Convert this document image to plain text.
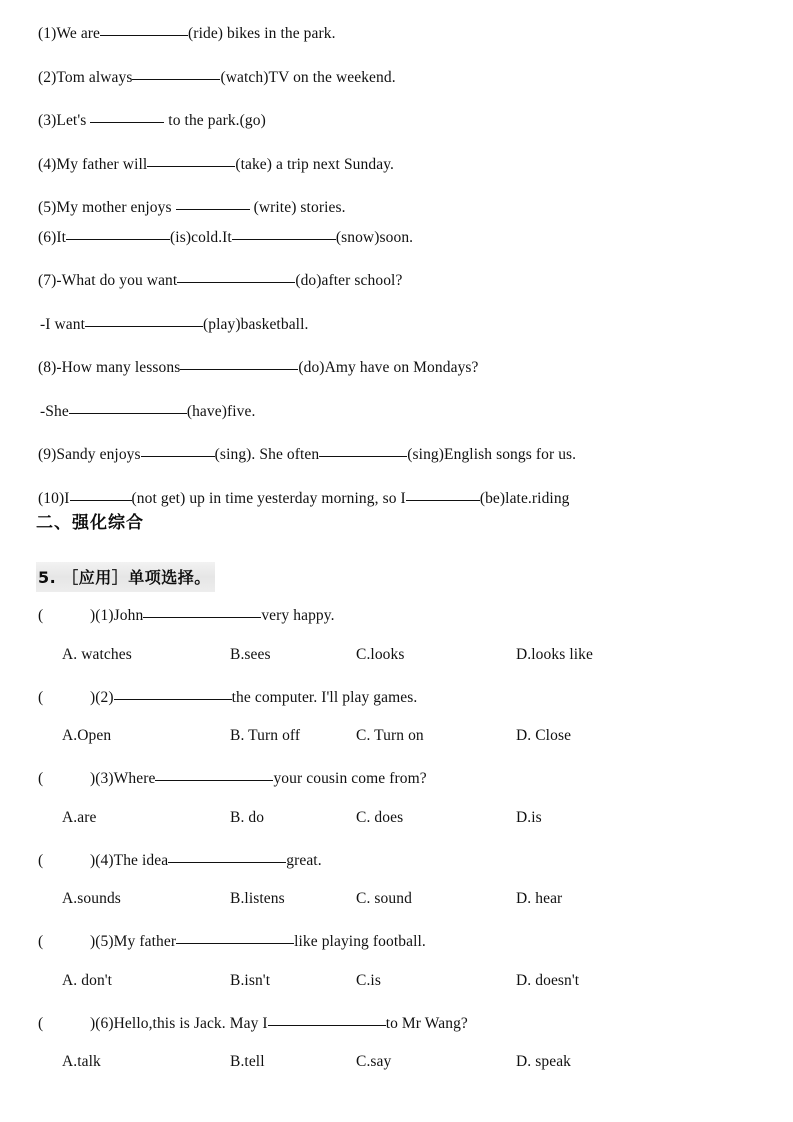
(1)We are	(ride) bikes in the park.
(2)Tom always	(watch)TV on the weekend.
(3)Let's	to the park.(go)
(4)My father will	(take) a trip next Sunday.
(5)My mother enjoys	(write) stories.
(6)It	(is)cold.It	(snow)soon.
(7)-What do you want	(do)after school?
-I want	(play)basketball.
(8)-How many lessons	(do)Amy have on Mondays?
-She	(have)five.
(9)Sandy enjoys	(sing). She often	(sing)English songs for us.
(10)I	(not get) up in time yesterday morning, so I	(be)late.riding
二、强化综合
5. ［应用］单项选择。
(	)(1)John	very happy.
A. watches	B.sees	C.looks	D.looks like
(	)(2)	the computer. I'll play games.
A.Open	B. Turn off	C. Turn on	D. Close
(	)(3)Where	your cousin come from?
A.are	B. do	C. does	D.is
(	)(4)The idea	great.
A.sounds	B.listens	C. sound	D. hear
(	)(5)My father	like playing football.
A. don't	B.isn't	C.is	D. doesn't
(	)(6)Hello,this is Jack. May I	to Mr Wang?
A.talk	B.tell	C.say	D. speak
